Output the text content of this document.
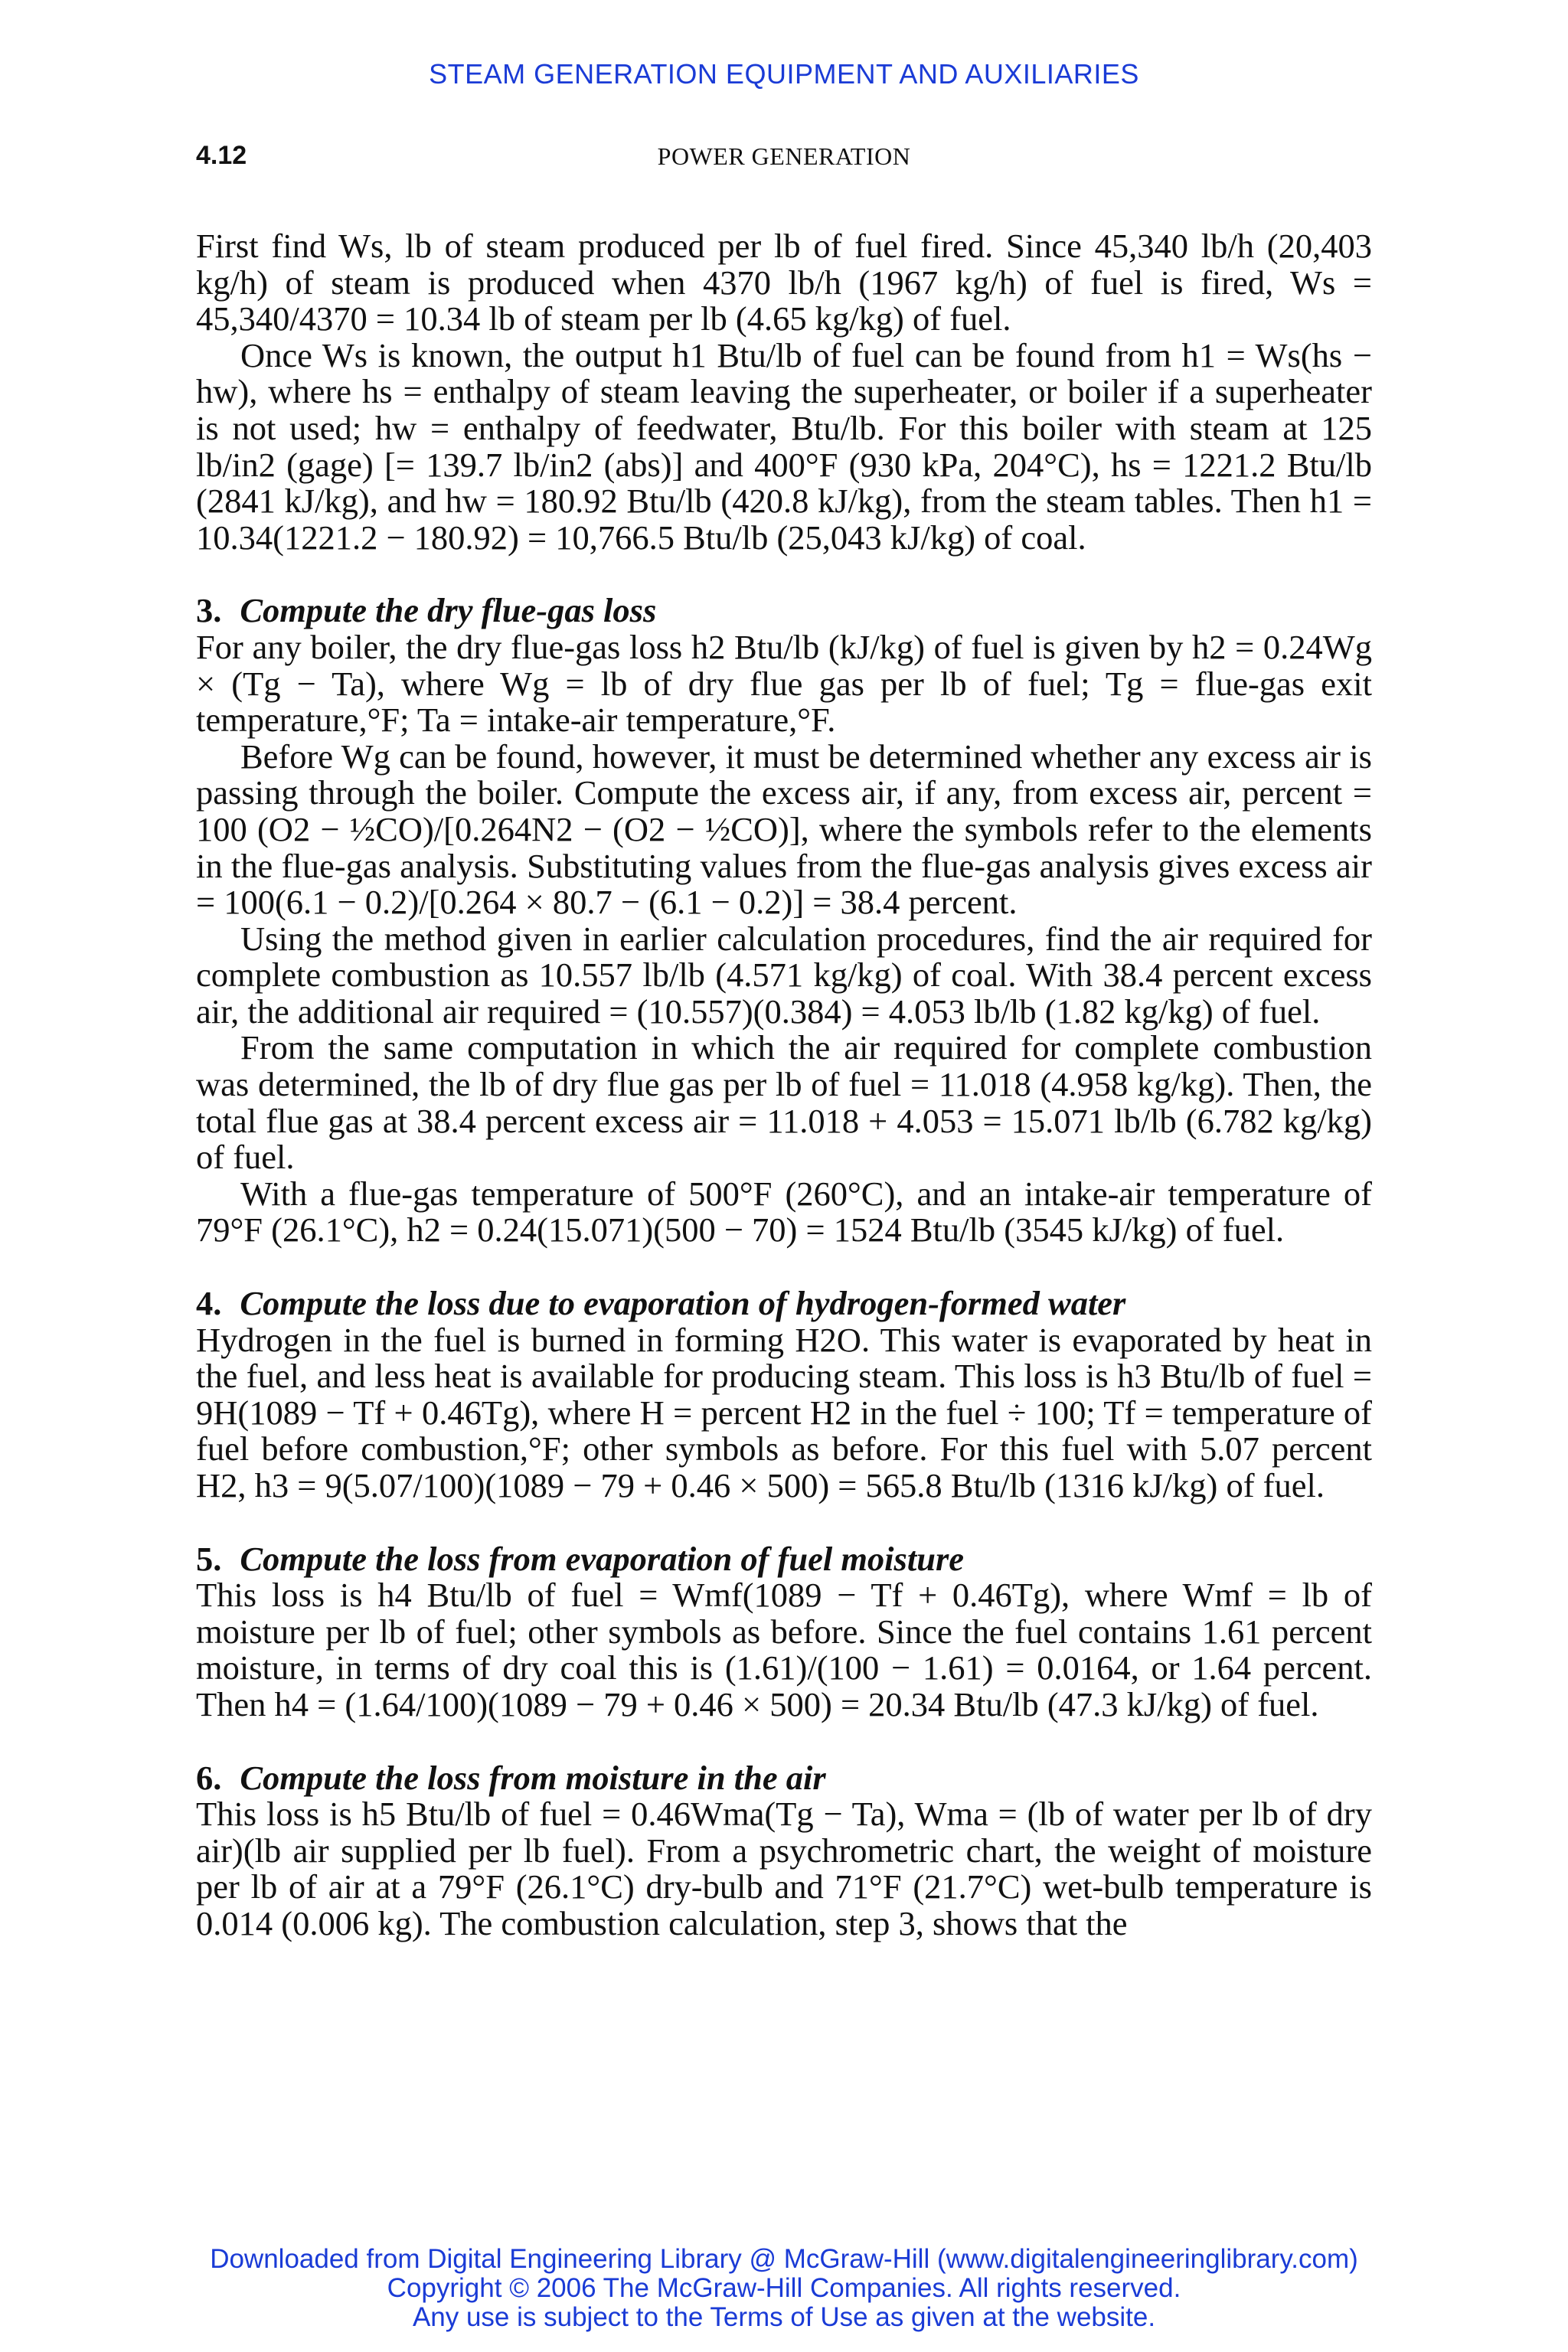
STEAM GENERATION EQUIPMENT AND AUXILIARIES
4.12	POWER GENERATION

First find Ws, lb of steam produced per lb of fuel fired. Since 45,340 lb/h (20,403 kg/h) of steam is produced when 4370 lb/h (1967 kg/h) of fuel is fired, Ws = 45,340/4370 = 10.34 lb of steam per lb (4.65 kg/kg) of fuel.

Once Ws is known, the output h1 Btu/lb of fuel can be found from h1 = Ws(hs − hw), where hs = enthalpy of steam leaving the superheater, or boiler if a superheater is not used; hw = enthalpy of feedwater, Btu/lb. For this boiler with steam at 125 lb/in2 (gage) [= 139.7 lb/in2 (abs)] and 400°F (930 kPa, 204°C), hs = 1221.2 Btu/lb (2841 kJ/kg), and hw = 180.92 Btu/lb (420.8 kJ/kg), from the steam tables. Then h1 = 10.34(1221.2 − 180.92) = 10,766.5 Btu/lb (25,043 kJ/kg) of coal.

3. Compute the dry flue-gas loss

For any boiler, the dry flue-gas loss h2 Btu/lb (kJ/kg) of fuel is given by h2 = 0.24Wg × (Tg − Ta), where Wg = lb of dry flue gas per lb of fuel; Tg = flue-gas exit temperature,°F; Ta = intake-air temperature,°F.

Before Wg can be found, however, it must be determined whether any excess air is passing through the boiler. Compute the excess air, if any, from excess air, percent = 100 (O2 − ½CO)/[0.264N2 − (O2 − ½CO)], where the symbols refer to the elements in the flue-gas analysis. Substituting values from the flue-gas analysis gives excess air = 100(6.1 − 0.2)/[0.264 × 80.7 − (6.1 − 0.2)] = 38.4 percent.

Using the method given in earlier calculation procedures, find the air required for complete combustion as 10.557 lb/lb (4.571 kg/kg) of coal. With 38.4 percent excess air, the additional air required = (10.557)(0.384) = 4.053 lb/lb (1.82 kg/kg) of fuel.

From the same computation in which the air required for complete combustion was determined, the lb of dry flue gas per lb of fuel = 11.018 (4.958 kg/kg). Then, the total flue gas at 38.4 percent excess air = 11.018 + 4.053 = 15.071 lb/lb (6.782 kg/kg) of fuel.

With a flue-gas temperature of 500°F (260°C), and an intake-air temperature of 79°F (26.1°C), h2 = 0.24(15.071)(500 − 70) = 1524 Btu/lb (3545 kJ/kg) of fuel.

4. Compute the loss due to evaporation of hydrogen-formed water

Hydrogen in the fuel is burned in forming H2O. This water is evaporated by heat in the fuel, and less heat is available for producing steam. This loss is h3 Btu/lb of fuel = 9H(1089 − Tf + 0.46Tg), where H = percent H2 in the fuel ÷ 100; Tf = temperature of fuel before combustion,°F; other symbols as before. For this fuel with 5.07 percent H2, h3 = 9(5.07/100)(1089 − 79 + 0.46 × 500) = 565.8 Btu/lb (1316 kJ/kg) of fuel.

5. Compute the loss from evaporation of fuel moisture

This loss is h4 Btu/lb of fuel = Wmf(1089 − Tf + 0.46Tg), where Wmf = lb of moisture per lb of fuel; other symbols as before. Since the fuel contains 1.61 percent moisture, in terms of dry coal this is (1.61)/(100 − 1.61) = 0.0164, or 1.64 percent. Then h4 = (1.64/100)(1089 − 79 + 0.46 × 500) = 20.34 Btu/lb (47.3 kJ/kg) of fuel.

6. Compute the loss from moisture in the air

This loss is h5 Btu/lb of fuel = 0.46Wma(Tg − Ta), Wma = (lb of water per lb of dry air)(lb air supplied per lb fuel). From a psychrometric chart, the weight of moisture per lb of air at a 79°F (26.1°C) dry-bulb and 71°F (21.7°C) wet-bulb temperature is 0.014 (0.006 kg). The combustion calculation, step 3, shows that the

Downloaded from Digital Engineering Library @ McGraw-Hill (www.digitalengineeringlibrary.com)
Copyright © 2006 The McGraw-Hill Companies. All rights reserved.
Any use is subject to the Terms of Use as given at the website.
